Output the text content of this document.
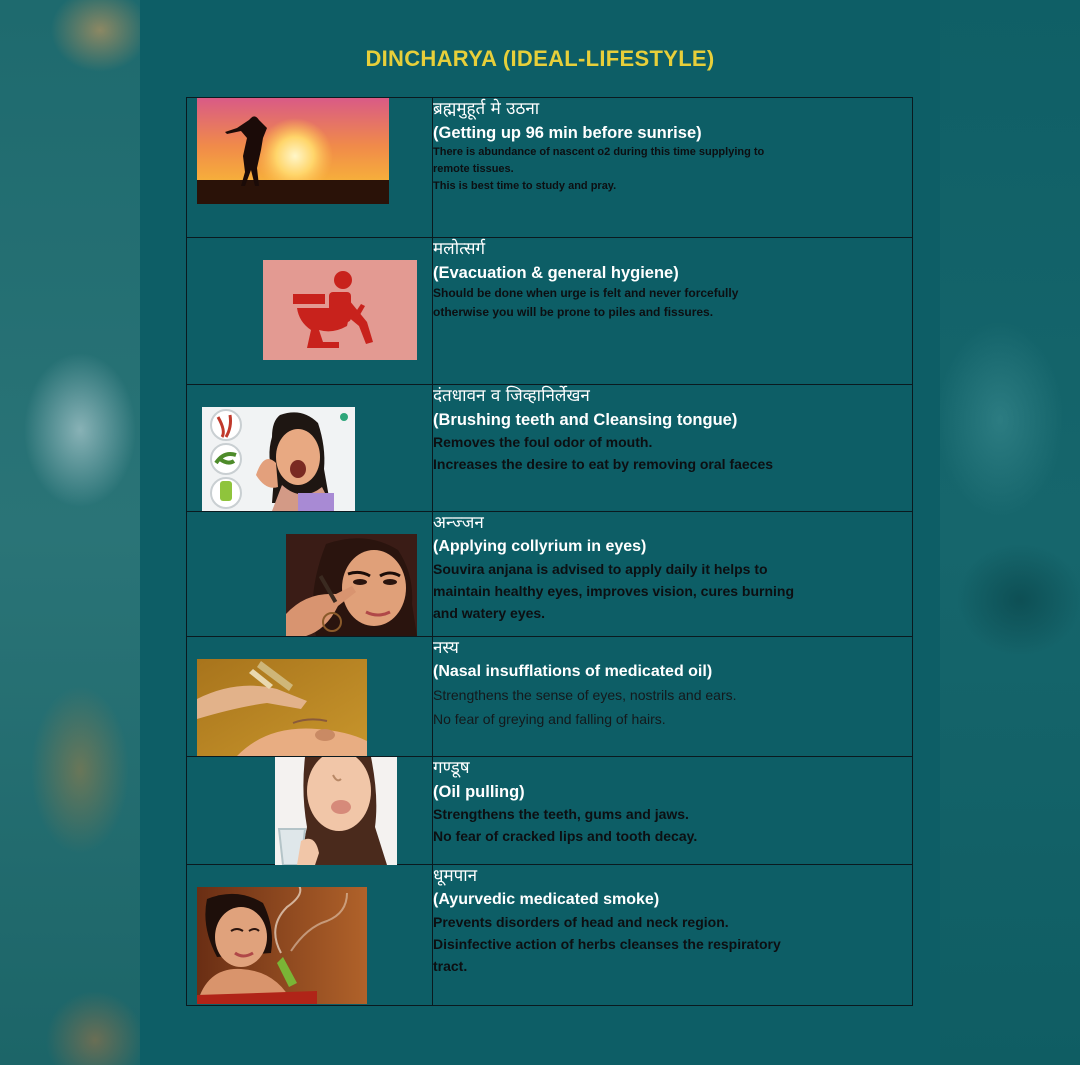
DINCHARYA (IDEAL-LIFESTYLE)

ब्रह्ममुहूर्त मे उठना
(Getting up 96 min before sunrise)
There is abundance of nascent o2 during this time supplying to
remote tissues.
This is best time to study and pray.

मलोत्सर्ग
(Evacuation & general hygiene)
Should be done when urge is felt and never forcefully
otherwise you will be prone to piles and fissures.

दंतधावन व जिव्हानिर्लेखन
(Brushing teeth and Cleansing tongue)
Removes the foul odor of mouth.
Increases the desire to eat by removing oral faeces

अन्ज्जन
(Applying collyrium in eyes)
Souvira anjana is advised to apply daily it helps to
maintain healthy eyes, improves vision, cures burning
and watery eyes.

नस्य
(Nasal insufflations of medicated oil)
Strengthens the sense of eyes, nostrils and ears.
No fear of greying and falling of hairs.

गण्डूष
(Oil pulling)
Strengthens the teeth, gums and jaws.
No fear of cracked lips and tooth decay.

धूमपान
(Ayurvedic medicated smoke)
Prevents disorders of head and neck region.
Disinfective action of herbs cleanses the respiratory
tract.
